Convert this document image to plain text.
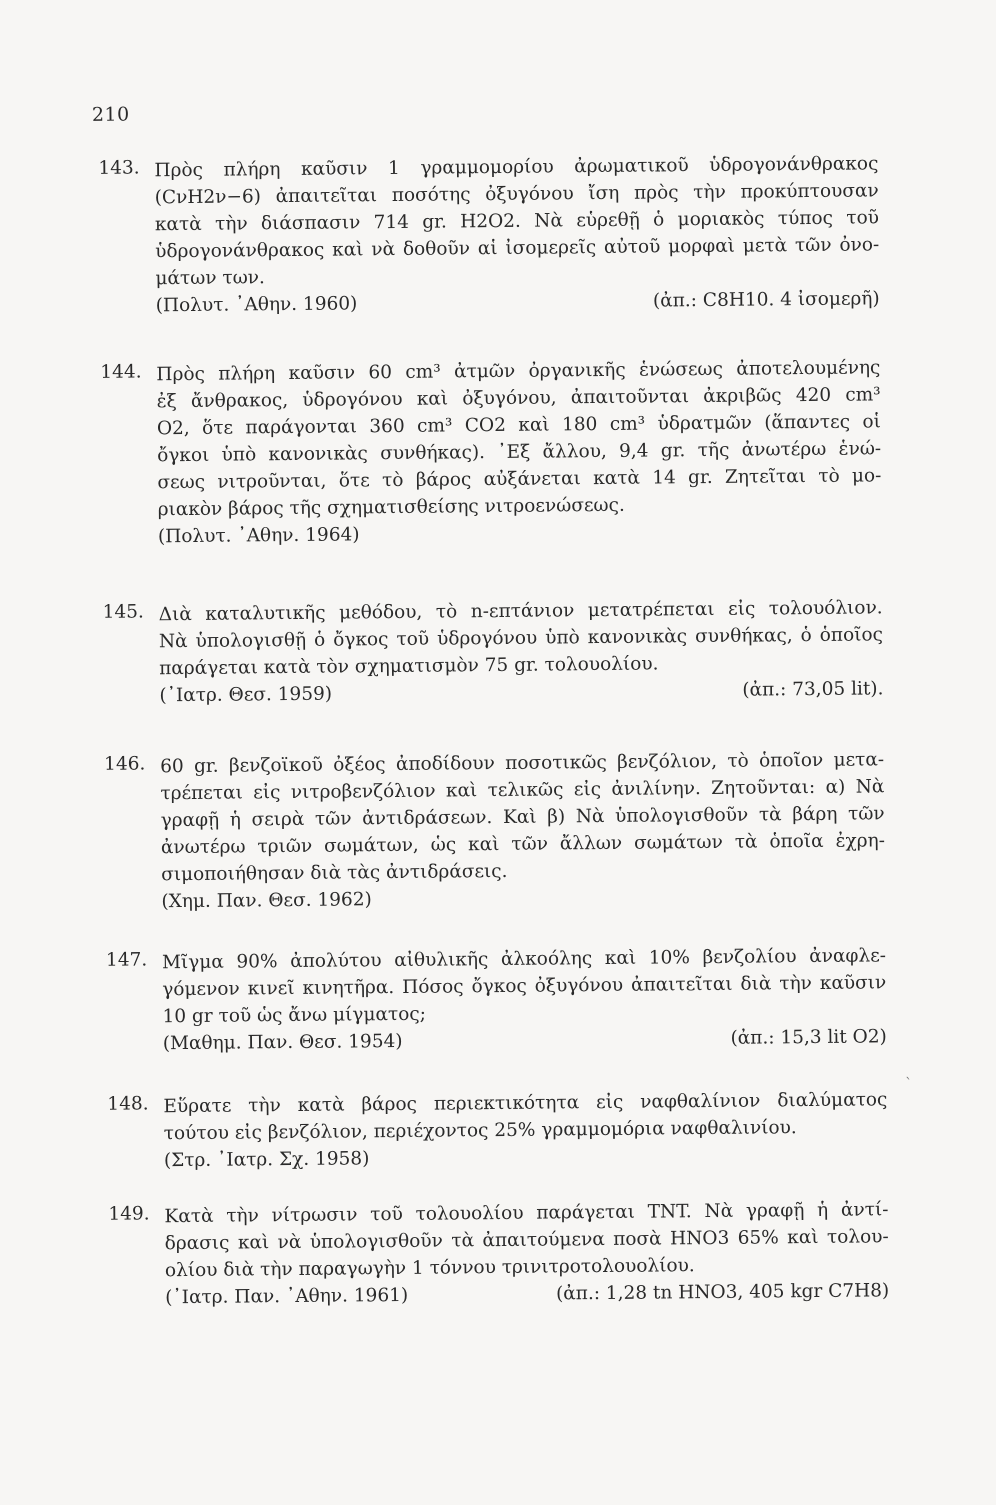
210
143. Πρὸς πλήρη καῦσιν 1 γραμμομορίου ἀρωματικοῦ ὑδρογονάνθρακος
(CνH2ν−6) ἀπαιτεῖται ποσότης ὀξυγόνου ἴση πρὸς τὴν προκύπτουσαν
κατὰ τὴν διάσπασιν 714 gr. H2O2. Νὰ εὑρεθῇ ὁ μοριακὸς τύπος τοῦ
ὑδρογονάνθρακος καὶ νὰ δοθοῦν αἱ ἰσομερεῖς αὐτοῦ μορφαὶ μετὰ τῶν ὀνο-
μάτων των.
(Πολυτ. ᾿Αθην. 1960)	(ἀπ.: C8H10. 4 ἰσομερῆ)
144. Πρὸς πλήρη καῦσιν 60 cm³ ἀτμῶν ὀργανικῆς ἑνώσεως ἀποτελουμένης
ἐξ ἄνθρακος, ὑδρογόνου καὶ ὀξυγόνου, ἀπαιτοῦνται ἀκριβῶς 420 cm³
O2, ὅτε παράγονται 360 cm³ CO2 καὶ 180 cm³ ὑδρατμῶν (ἅπαντες οἱ
ὄγκοι ὑπὸ κανονικὰς συνθήκας). ᾿Εξ ἄλλου, 9,4 gr. τῆς ἀνωτέρω ἑνώ-
σεως νιτροῦνται, ὅτε τὸ βάρος αὐξάνεται κατὰ 14 gr. Ζητεῖται τὸ μο-
ριακὸν βάρος τῆς σχηματισθείσης νιτροενώσεως.
(Πολυτ. ᾿Αθην. 1964)
145. Διὰ καταλυτικῆς μεθόδου, τὸ n-επτάνιον μετατρέπεται εἰς τολουόλιον.
Νὰ ὑπολογισθῇ ὁ ὄγκος τοῦ ὑδρογόνου ὑπὸ κανονικὰς συνθήκας, ὁ ὁποῖος
παράγεται κατὰ τὸν σχηματισμὸν 75 gr. τολουολίου.
(᾿Ιατρ. Θεσ. 1959)	(ἀπ.: 73,05 lit).
146. 60 gr. βενζοϊκοῦ ὀξέος ἀποδίδουν ποσοτικῶς βενζόλιον, τὸ ὁποῖον μετα-
τρέπεται εἰς νιτροβενζόλιον καὶ τελικῶς εἰς ἀνιλίνην. Ζητοῦνται: α) Νὰ
γραφῇ ἡ σειρὰ τῶν ἀντιδράσεων. Καὶ β) Νὰ ὑπολογισθοῦν τὰ βάρη τῶν
ἀνωτέρω τριῶν σωμάτων, ὡς καὶ τῶν ἄλλων σωμάτων τὰ ὁποῖα ἐχρη-
σιμοποιήθησαν διὰ τὰς ἀντιδράσεις.
(Χημ. Παν. Θεσ. 1962)
147. Μῖγμα 90% ἀπολύτου αἰθυλικῆς ἀλκοόλης καὶ 10% βενζολίου ἀναφλε-
γόμενον κινεῖ κινητῆρα. Πόσος ὄγκος ὀξυγόνου ἀπαιτεῖται διὰ τὴν καῦσιν
10 gr τοῦ ὡς ἄνω μίγματος;
(Μαθημ. Παν. Θεσ. 1954)	(ἀπ.: 15,3 lit O2)
148. Εὕρατε τὴν κατὰ βάρος περιεκτικότητα εἰς ναφθαλίνιον διαλύματος
τούτου εἰς βενζόλιον, περιέχοντος 25% γραμμομόρια ναφθαλινίου.
(Στρ. ᾿Ιατρ. Σχ. 1958)
149. Κατὰ τὴν νίτρωσιν τοῦ τολουολίου παράγεται TNT. Νὰ γραφῇ ἡ ἀντί-
δρασις καὶ νὰ ὑπολογισθοῦν τὰ ἀπαιτούμενα ποσὰ HNO3 65% καὶ τολου-
ολίου διὰ τὴν παραγωγὴν 1 τόννου τρινιτροτολουολίου.
(᾿Ιατρ. Παν. ᾿Αθην. 1961)	(ἀπ.: 1,28 tn HNO3, 405 kgr C7H8)
`
